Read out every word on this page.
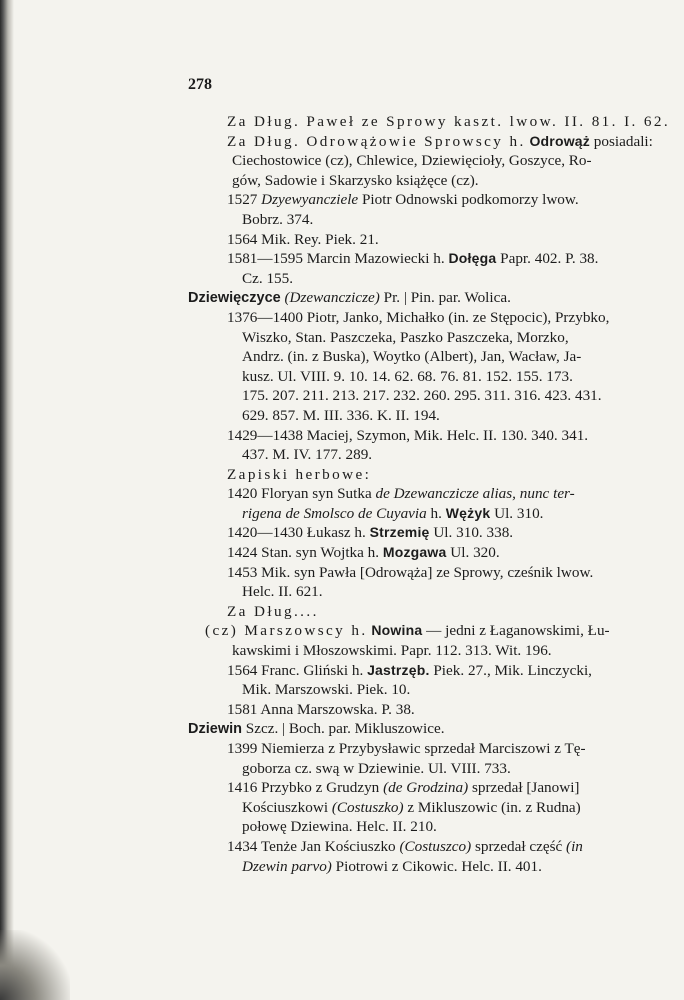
278
Za Dług. Paweł ze Sprowy kaszt. lwow. II. 81. I. 62.
Za Dług. Odrowążowie Sprowscy h. Odrowąż posiadali:
Ciechostowice (cz), Chlewice, Dziewięcioły, Goszyce, Ro-
gów, Sadowie i Skarzysko książęce (cz).
1527 Dzyewyancziele Piotr Odnowski podkomorzy lwow.
Bobrz. 374.
1564 Mik. Rey. Piek. 21.
1581—1595 Marcin Mazowiecki h. Dołęga Papr. 402. P. 38.
Cz. 155.
Dziewięczyce (Dzewanczicze) Pr. | Pin. par. Wolica.
1376—1400 Piotr, Janko, Michałko (in. ze Stępocic), Przybko,
Wiszko, Stan. Paszczeka, Paszko Paszczeka, Morzko,
Andrz. (in. z Buska), Woytko (Albert), Jan, Wacław, Ja-
kusz. Ul. VIII. 9. 10. 14. 62. 68. 76. 81. 152. 155. 173.
175. 207. 211. 213. 217. 232. 260. 295. 311. 316. 423. 431.
629. 857. M. III. 336. K. II. 194.
1429—1438 Maciej, Szymon, Mik. Helc. II. 130. 340. 341.
437. M. IV. 177. 289.
Zapiski herbowe:
1420 Floryan syn Sutka de Dzewanczicze alias, nunc ter-
rigena de Smolsco de Cuyavia h. Wężyk Ul. 310.
1420—1430 Łukasz h. Strzemię Ul. 310. 338.
1424 Stan. syn Wojtka h. Mozgawa Ul. 320.
1453 Mik. syn Pawła [Odrowąża] ze Sprowy, cześnik lwow.
Helc. II. 621.
Za Dług....
(cz) Marszowscy h. Nowina — jedni z Łaganowskimi, Łu-
kawskimi i Młoszowskimi. Papr. 112. 313. Wit. 196.
1564 Franc. Gliński h. Jastrzęb. Piek. 27., Mik. Linczycki,
Mik. Marszowski. Piek. 10.
1581 Anna Marszowska. P. 38.
Dziewin Szcz. | Boch. par. Mikluszowice.
1399 Niemierza z Przybysławic sprzedał Marciszowi z Tę-
goborza cz. swą w Dziewinie. Ul. VIII. 733.
1416 Przybko z Grudzyn (de Grodzina) sprzedał [Janowi]
Kościuszkowi (Costuszko) z Mikluszowic (in. z Rudna)
połowę Dziewina. Helc. II. 210.
1434 Tenże Jan Kościuszko (Costuszco) sprzedał część (in
Dzewin parvo) Piotrowi z Cikowic. Helc. II. 401.
